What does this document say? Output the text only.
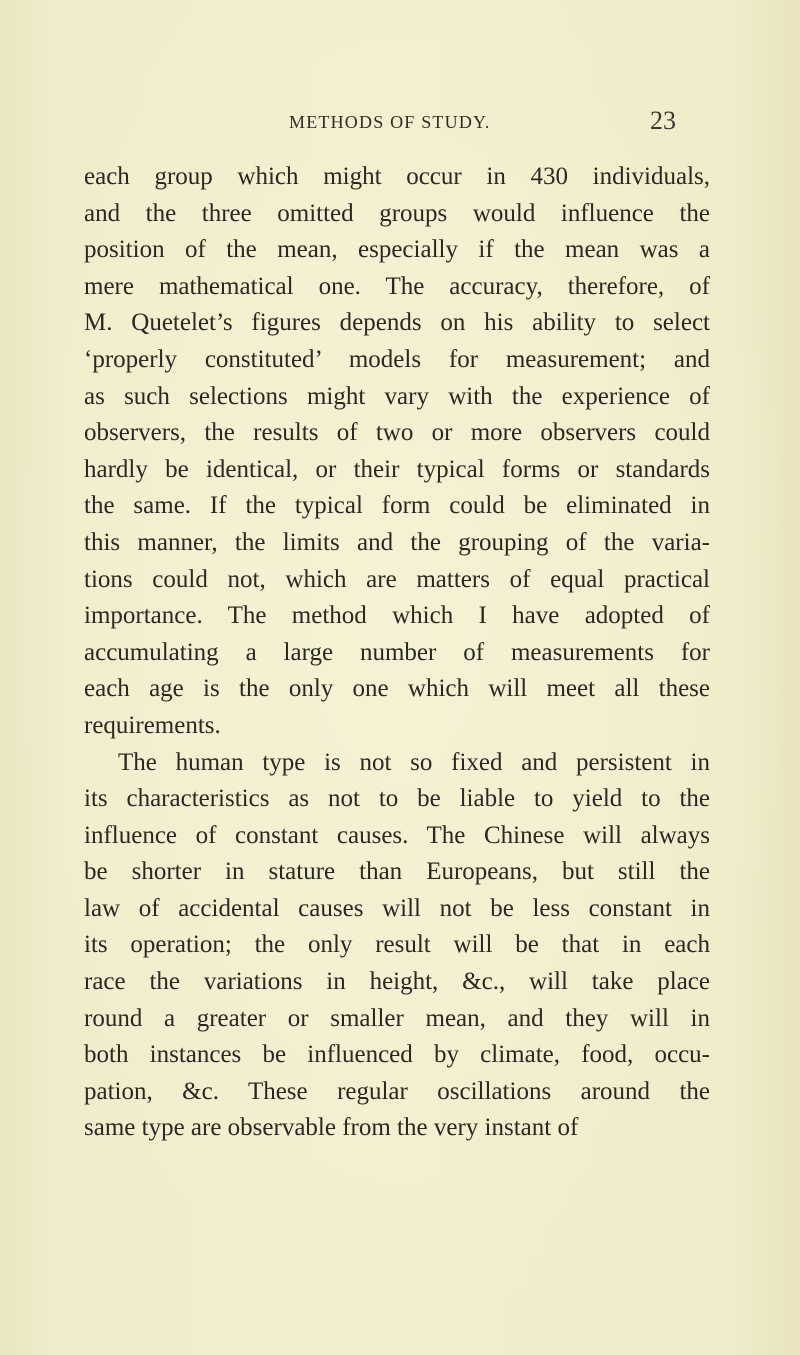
METHODS OF STUDY.	23
each group which might occur in 430 individuals,
and the three omitted groups would influence the
position of the mean, especially if the mean was a
mere mathematical one. The accuracy, therefore, of
M. Quetelet’s figures depends on his ability to select
‘properly constituted’ models for measurement; and
as such selections might vary with the experience of
observers, the results of two or more observers could
hardly be identical, or their typical forms or standards
the same. If the typical form could be eliminated in
this manner, the limits and the grouping of the varia-
tions could not, which are matters of equal practical
importance. The method which I have adopted of
accumulating a large number of measurements for
each age is the only one which will meet all these
requirements.
The human type is not so fixed and persistent in
its characteristics as not to be liable to yield to the
influence of constant causes. The Chinese will always
be shorter in stature than Europeans, but still the
law of accidental causes will not be less constant in
its operation; the only result will be that in each
race the variations in height, &c., will take place
round a greater or smaller mean, and they will in
both instances be influenced by climate, food, occu-
pation, &c. These regular oscillations around the
same type are observable from the very instant of
